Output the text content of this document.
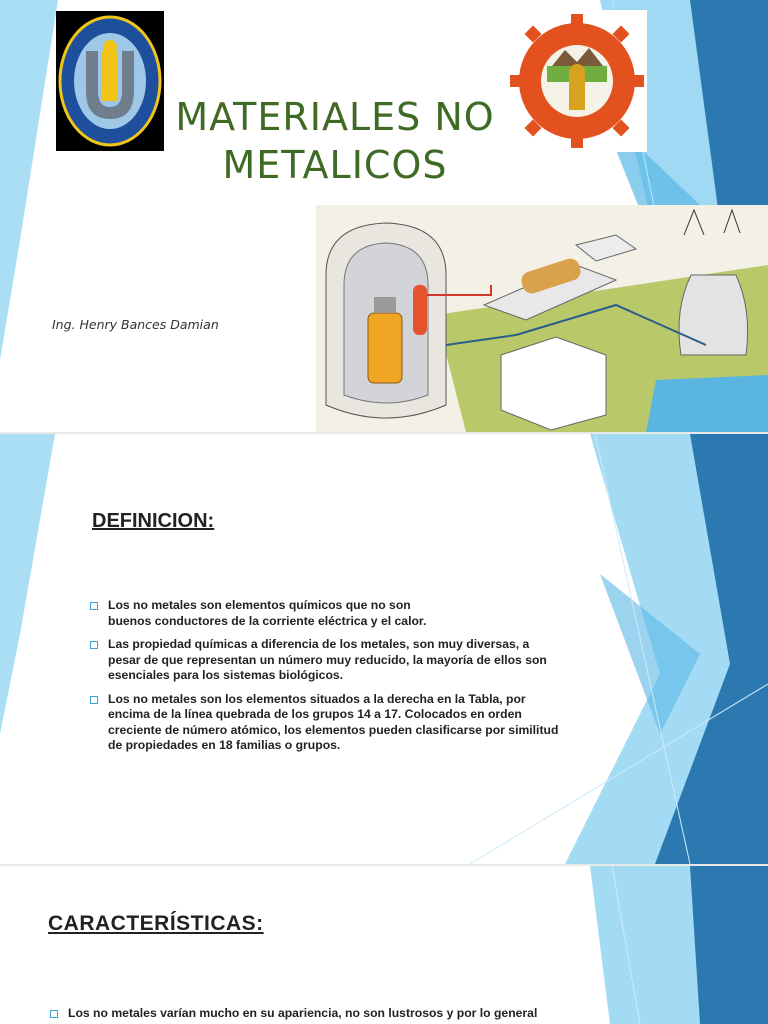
MATERIALES NO
METALICOS
Ing. Henry Bances Damian
DEFINICION:
Los no metales son elementos químicos que no son buenos conductores de la corriente eléctrica y el calor.
Las propiedad químicas a diferencia de los metales, son muy diversas, a pesar de que representan un número muy reducido, la mayoría de ellos son esenciales para los sistemas biológicos.
Los no metales son los elementos situados a la derecha en la Tabla, por encima de la línea quebrada de los grupos 14 a 17. Colocados en orden creciente de número atómico, los elementos pueden clasificarse por similitud de propiedades en 18 familias o grupos.
CARACTERÍSTICAS:
Los no metales varían mucho en su apariencia, no son lustrosos y por lo general
